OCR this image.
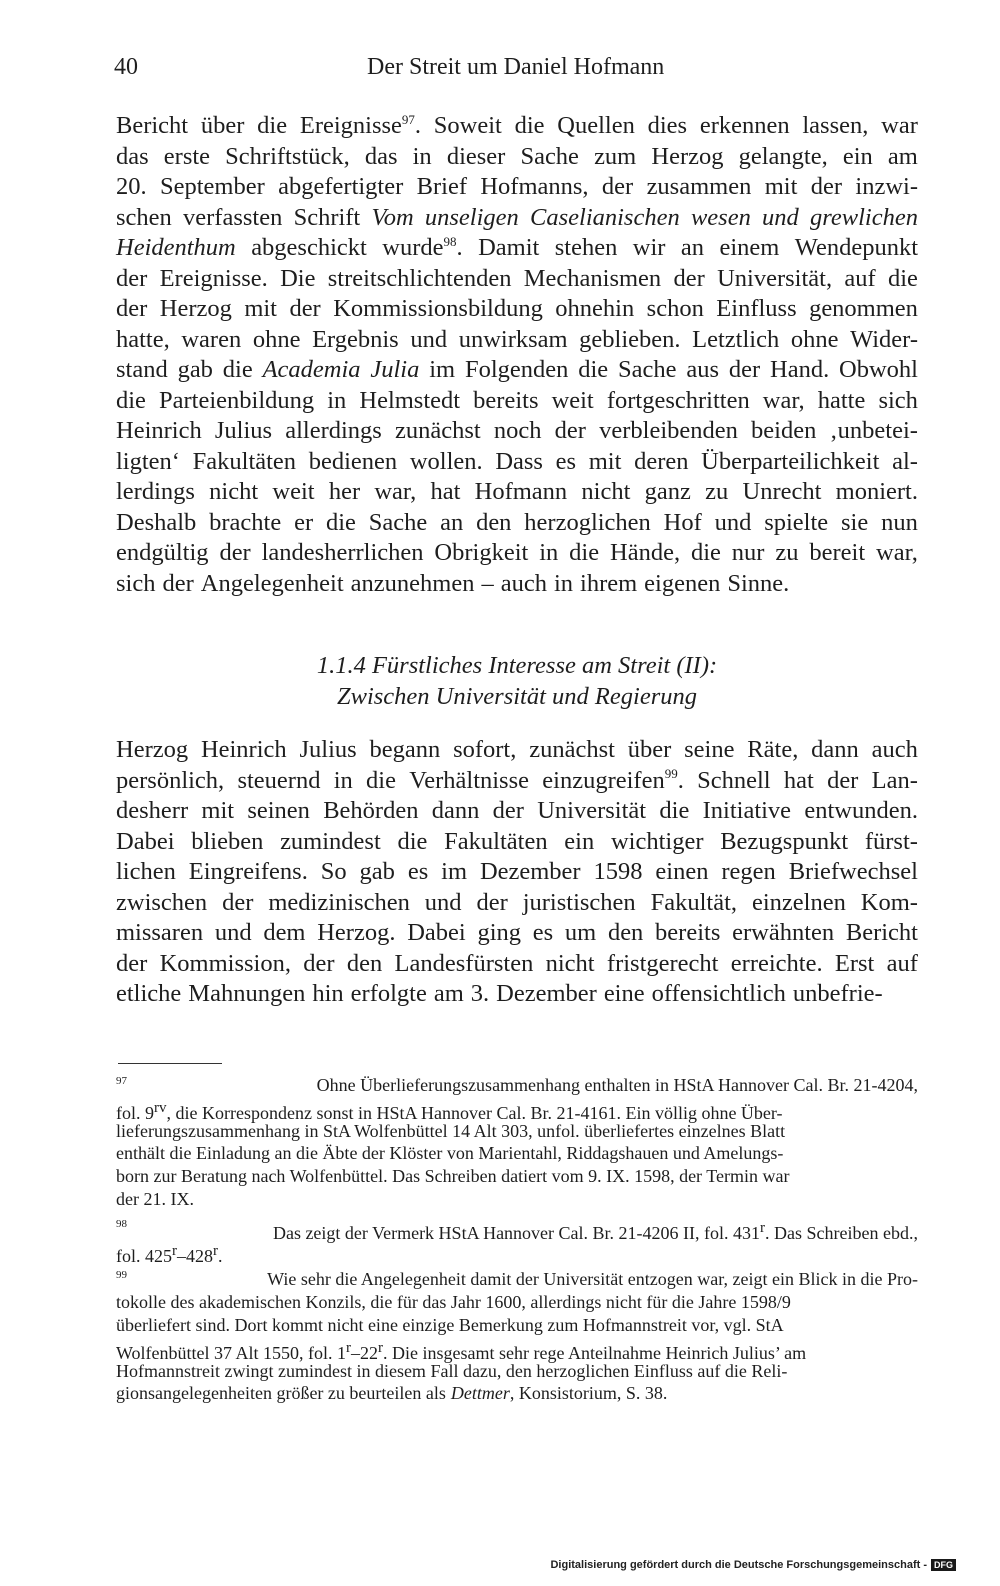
40	Der Streit um Daniel Hofmann
Bericht über die Ereignisse97. Soweit die Quellen dies erkennen lassen, war
das erste Schriftstück, das in dieser Sache zum Herzog gelangte, ein am
20. September abgefertigter Brief Hofmanns, der zusammen mit der inzwi-
schen verfassten Schrift Vom unseligen Caselianischen wesen und grewlichen
Heidenthum abgeschickt wurde98. Damit stehen wir an einem Wendepunkt
der Ereignisse. Die streitschlichtenden Mechanismen der Universität, auf die
der Herzog mit der Kommissionsbildung ohnehin schon Einfluss genommen
hatte, waren ohne Ergebnis und unwirksam geblieben. Letztlich ohne Wider-
stand gab die Academia Julia im Folgenden die Sache aus der Hand. Obwohl
die Parteienbildung in Helmstedt bereits weit fortgeschritten war, hatte sich
Heinrich Julius allerdings zunächst noch der verbleibenden beiden ‚unbetei-
ligten‘ Fakultäten bedienen wollen. Dass es mit deren Überparteilichkeit al-
lerdings nicht weit her war, hat Hofmann nicht ganz zu Unrecht moniert.
Deshalb brachte er die Sache an den herzoglichen Hof und spielte sie nun
endgültig der landesherrlichen Obrigkeit in die Hände, die nur zu bereit war,
sich der Angelegenheit anzunehmen – auch in ihrem eigenen Sinne.
1.1.4 Fürstliches Interesse am Streit (II):
Zwischen Universität und Regierung
Herzog Heinrich Julius begann sofort, zunächst über seine Räte, dann auch
persönlich, steuernd in die Verhältnisse einzugreifen99. Schnell hat der Lan-
desherr mit seinen Behörden dann der Universität die Initiative entwunden.
Dabei blieben zumindest die Fakultäten ein wichtiger Bezugspunkt fürst-
lichen Eingreifens. So gab es im Dezember 1598 einen regen Briefwechsel
zwischen der medizinischen und der juristischen Fakultät, einzelnen Kom-
missaren und dem Herzog. Dabei ging es um den bereits erwähnten Bericht
der Kommission, der den Landesfürsten nicht fristgerecht erreichte. Erst auf
etliche Mahnungen hin erfolgte am 3. Dezember eine offensichtlich unbefrie-
$^{97}$	Ohne Überlieferungszusammenhang enthalten in HStA Hannover Cal. Br. 21-4204,
fol. $9^{rv}$, die Korrespondenz sonst in HStA Hannover Cal. Br. 21-4161. Ein völlig ohne Über-
lieferungszusammenhang in StA Wolfenbüttel 14 Alt 303, unfol. überliefertes einzelnes Blatt
enthält die Einladung an die Äbte der Klöster von Marientahl, Riddagshauen und Amelungs-
born zur Beratung nach Wolfenbüttel. Das Schreiben datiert vom 9. IX. 1598, der Termin war
der 21. IX.
$^{98}$	Das zeigt der Vermerk HStA Hannover Cal. Br. 21-4206 II, fol. 431$^r$. Das Schreiben ebd.,
fol. 425$^r$–428$^r$.
$^{99}$	Wie sehr die Angelegenheit damit der Universität entzogen war, zeigt ein Blick in die Pro-
tokolle des akademischen Konzils, die für das Jahr 1600, allerdings nicht für die Jahre 1598/9
überliefert sind. Dort kommt nicht eine einzige Bemerkung zum Hofmannstreit vor, vgl. StA
Wolfenbüttel 37 Alt 1550, fol. 1$^r$–22$^r$. Die insgesamt sehr rege Anteilnahme Heinrich Julius’ am
Hofmannstreit zwingt zumindest in diesem Fall dazu, den herzoglichen Einfluss auf die Reli-
gionsangelegenheiten größer zu beurteilen als Dettmer , Konsistorium, S. 38.
Digitalisierung gefördert durch die Deutsche Forschungsgemeinschaft - DFG
